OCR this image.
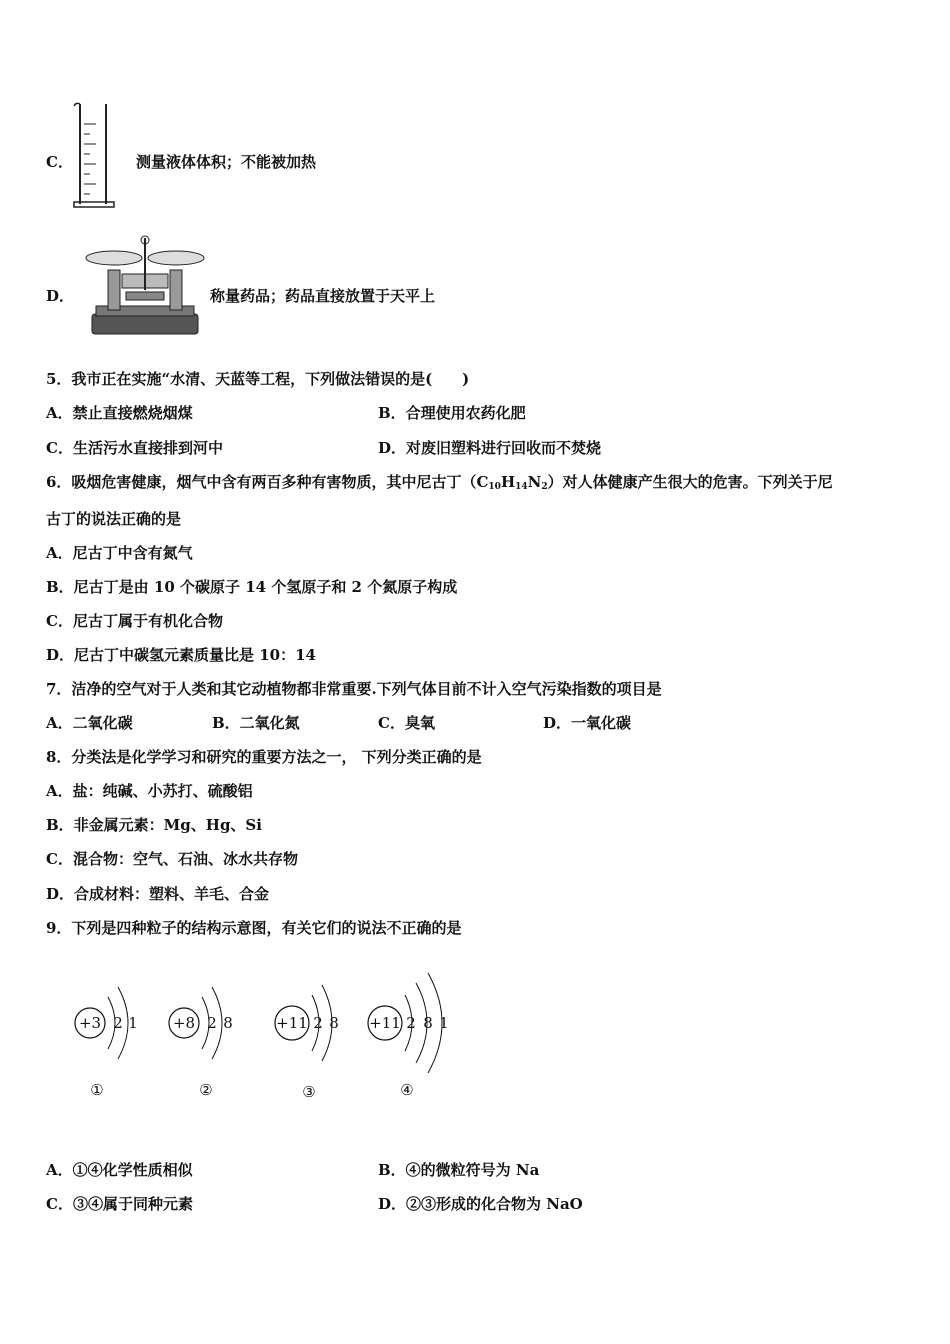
C．	测量液体体积；不能被加热
D．	称量药品；药品直接放置于天平上
5．我市正在实施“水清、天蓝等工程，下列做法错误的是(　　)
A．禁止直接燃烧烟煤	B．合理使用农药化肥
C．生活污水直接排到河中	D．对废旧塑料进行回收而不焚烧
6．吸烟危害健康，烟气中含有两百多种有害物质，其中尼古丁$(C_{10}H_{14}N_2)$对人体健康产生很大的危害。下列关于尼
古丁的说法正确的是
A．尼古丁中含有氮气
B．尼古丁是由 10 个碳原子 14 个氢原子和 2 个氮原子构成
C．尼古丁属于有机化合物
D．尼古丁中碳氢元素质量比是 10：14
7．洁净的空气对于人类和其它动植物都非常重要.下列气体目前不计入空气污染指数的项目是
A．二氧化碳	B．二氧化氮	C．臭氧	D．一氧化碳
8．分类法是化学学习和研究的重要方法之一， 下列分类正确的是
A．盐：纯碱、小苏打、硫酸铝
B．非金属元素：Mg、Hg、Si
C．混合物：空气、石油、冰水共存物
D．合成材料：塑料、羊毛、合金
9．下列是四种粒子的结构示意图，有关它们的说法不正确的是
+3 2 1
①
+8 2 8
②
+11 2 8
③
+11 2 8 1
④
A．①④化学性质相似	B．④的微粒符号为 Na
C．③④属于同种元素	D．②③形成的化合物为 NaO
